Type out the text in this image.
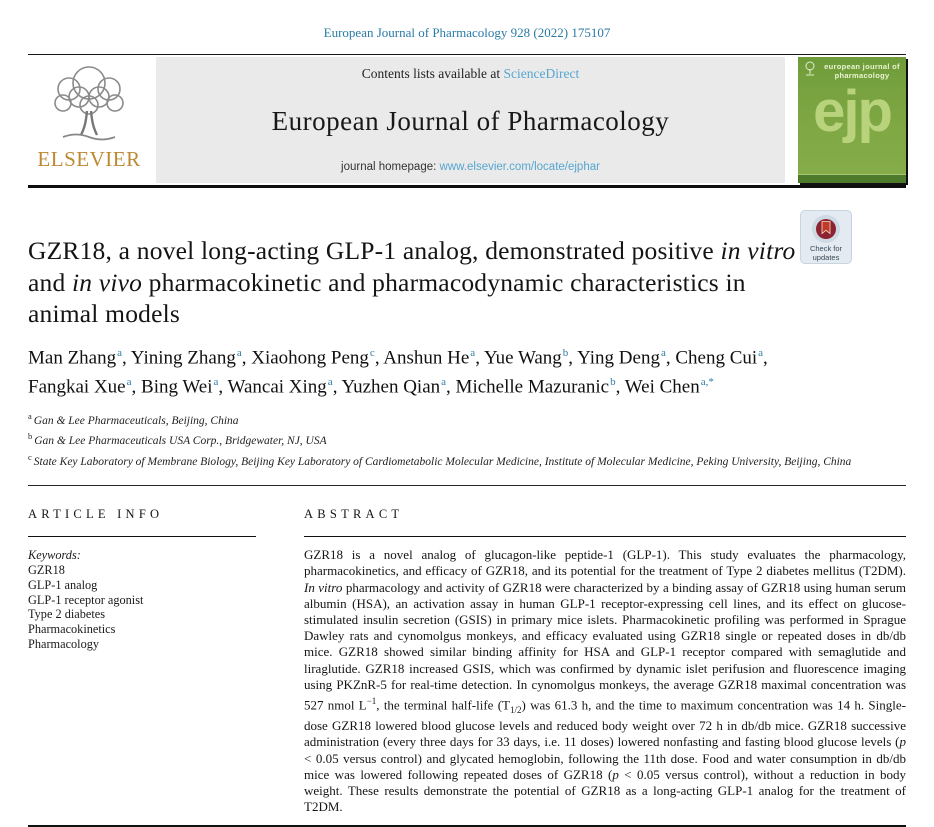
European Journal of Pharmacology 928 (2022) 175107
ELSEVIER
Contents lists available at ScienceDirect
European Journal of Pharmacology
journal homepage: www.elsevier.com/locate/ejphar
european journal of
pharmacology
ejp
Check for updates
GZR18, a novel long-acting GLP-1 analog, demonstrated positive in vitro and in vivo pharmacokinetic and pharmacodynamic characteristics in animal models
Man Zhang$^a$, Yining Zhang$^a$, Xiaohong Peng$^c$, Anshun He$^a$, Yue Wang$^b$, Ying Deng$^a$, Cheng Cui$^a$, Fangkai Xue$^a$, Bing Wei$^a$, Wancai Xing$^a$, Yuzhen Qian$^a$, Michelle Mazuranic$^b$, Wei Chen$^{a,*}$
$^a$ Gan & Lee Pharmaceuticals, Beijing, China
$^b$ Gan & Lee Pharmaceuticals USA Corp., Bridgewater, NJ, USA
$^c$ State Key Laboratory of Membrane Biology, Beijing Key Laboratory of Cardiometabolic Molecular Medicine, Institute of Molecular Medicine, Peking University, Beijing, China
ARTICLE INFO
Keywords:
GZR18
GLP-1 analog
GLP-1 receptor agonist
Type 2 diabetes
Pharmacokinetics
Pharmacology
ABSTRACT
GZR18 is a novel analog of glucagon-like peptide-1 (GLP-1). This study evaluates the pharmacology, pharmacokinetics, and efficacy of GZR18, and its potential for the treatment of Type 2 diabetes mellitus (T2DM). In vitro pharmacology and activity of GZR18 were characterized by a binding assay of GZR18 using human serum albumin (HSA), an activation assay in human GLP-1 receptor-expressing cell lines, and its effect on glucose-stimulated insulin secretion (GSIS) in primary mice islets. Pharmacokinetic profiling was performed in Sprague Dawley rats and cynomolgus monkeys, and efficacy evaluated using GZR18 single or repeated doses in db/db mice. GZR18 showed similar binding affinity for HSA and GLP-1 receptor compared with semaglutide and liraglutide. GZR18 increased GSIS, which was confirmed by dynamic islet perifusion and fluorescence imaging using PKZnR-5 for real-time detection. In cynomolgus monkeys, the average GZR18 maximal concentration was 527 nmol $L^{-1}$, the terminal half-life $(T_{1/2})$ was 61.3 h, and the time to maximum concentration was 14 h. Single-dose GZR18 lowered blood glucose levels and reduced body weight over 72 h in db/db mice. GZR18 successive administration (every three days for 33 days, i.e. 11 doses) lowered nonfasting and fasting blood glucose levels (p < 0.05 versus control) and glycated hemoglobin, following the 11th dose. Food and water consumption in db/db mice was lowered following repeated doses of GZR18 (p < 0.05 versus control), without a reduction in body weight. These results demonstrate the potential of GZR18 as a long-acting GLP-1 analog for the treatment of T2DM.
